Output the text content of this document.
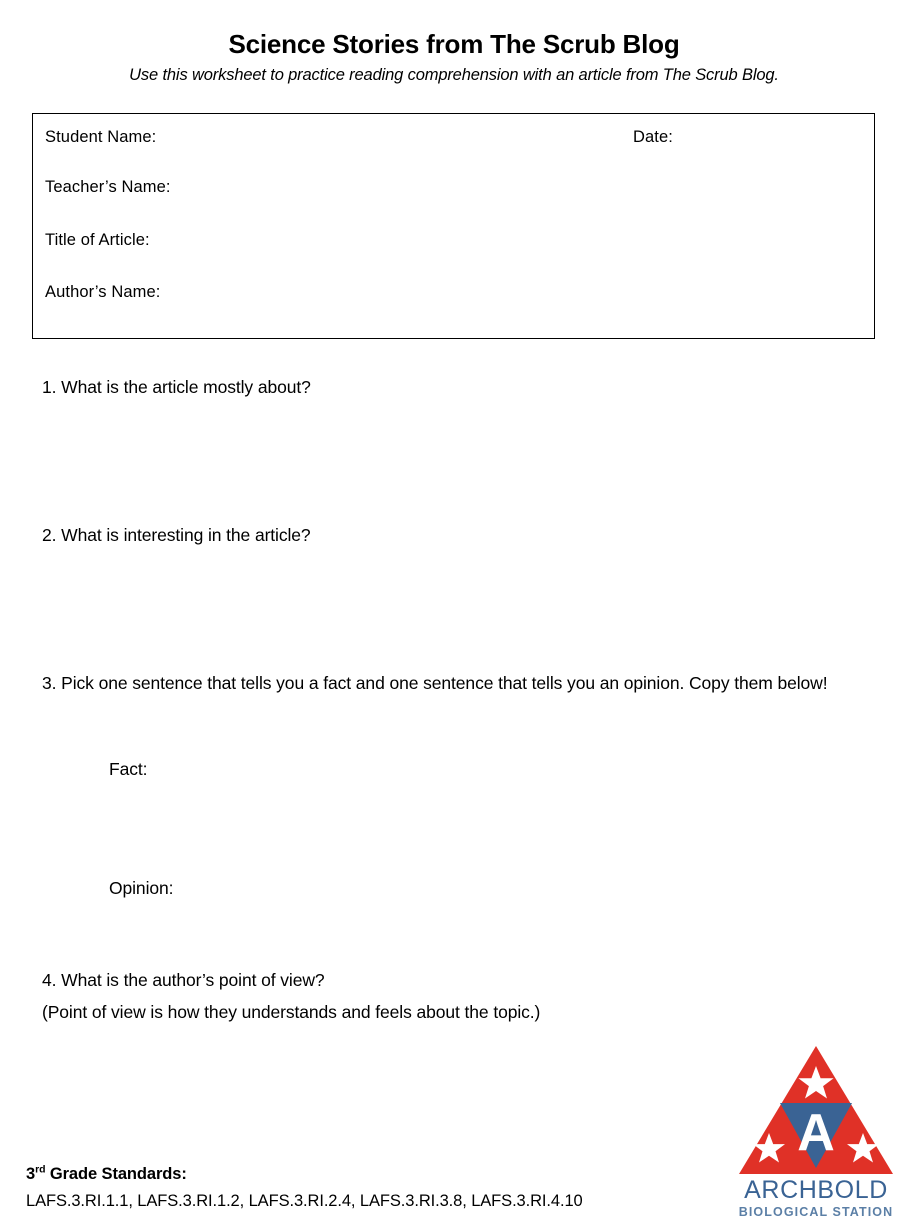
Science Stories from The Scrub Blog

Use this worksheet to practice reading comprehension with an article from The Scrub Blog.

Student Name:	Date:
Teacher’s Name:
Title of Article:
Author’s Name:
1. What is the article mostly about?
2. What is interesting in the article?
3. Pick one sentence that tells you a fact and one sentence that tells you an opinion. Copy them below!
Fact:
Opinion:
4. What is the author’s point of view?
(Point of view is how they understands and feels about the topic.)
3rd Grade Standards:
LAFS.3.RI.1.1, LAFS.3.RI.1.2, LAFS.3.RI.2.4, LAFS.3.RI.3.8, LAFS.3.RI.4.10
A
ARCHBOLD
BIOLOGICAL STATION
